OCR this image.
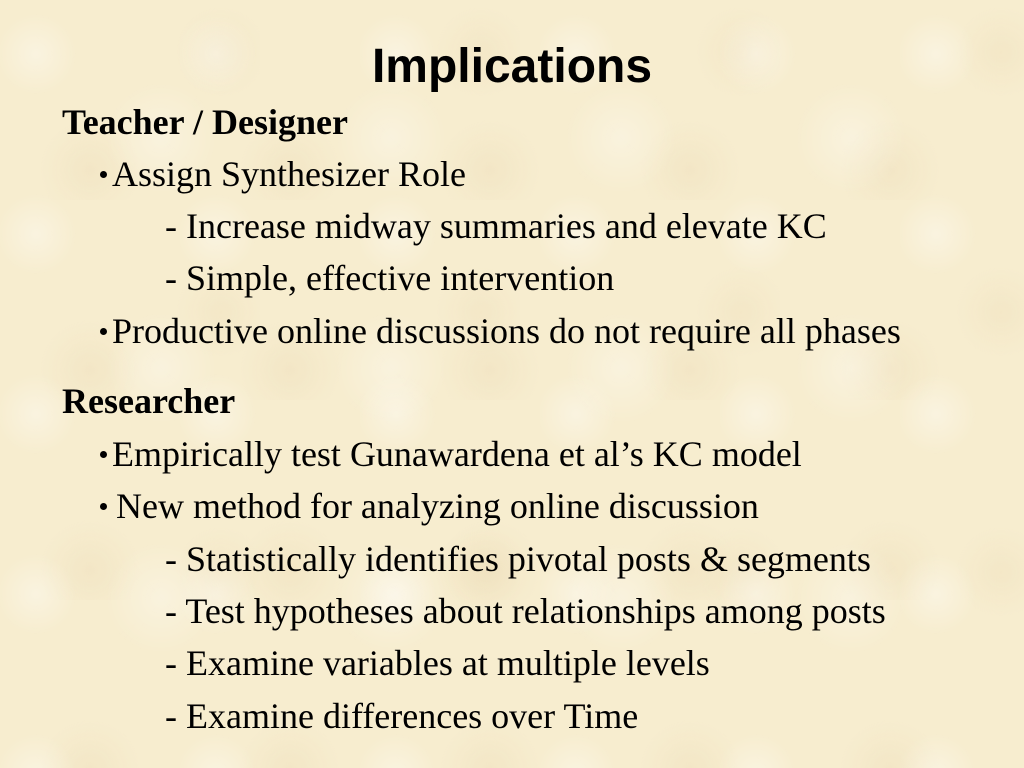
Implications
Teacher / Designer
Assign Synthesizer Role
- Increase midway summaries and elevate KC
- Simple, effective intervention
Productive online discussions do not require all phases
Researcher
Empirically test Gunawardena et al’s KC model
New method for analyzing online discussion
- Statistically identifies pivotal posts & segments
- Test hypotheses about relationships among posts
- Examine variables at multiple levels
- Examine differences over Time
